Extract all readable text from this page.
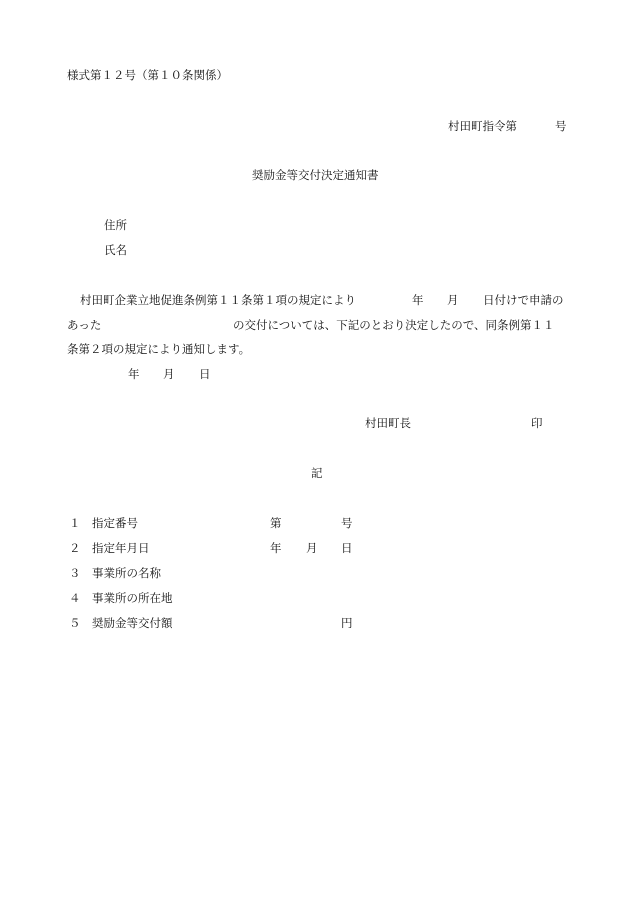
様式第１２号（第１０条関係）
村田町指令第	号
奨励金等交付決定通知書
住所
氏名
村田町企業立地促進条例第１１条第１項の規定により	年 月 日付けで申請の
あった	の交付については、下記のとおり決定したので、同条例第１１
条第２項の規定により通知します。
年 月 日
村田町長	印
記
１ 指定番号	第	号
２ 指定年月日	年 月 日
３ 事業所の名称
４ 事業所の所在地
５ 奨励金等交付額	円
